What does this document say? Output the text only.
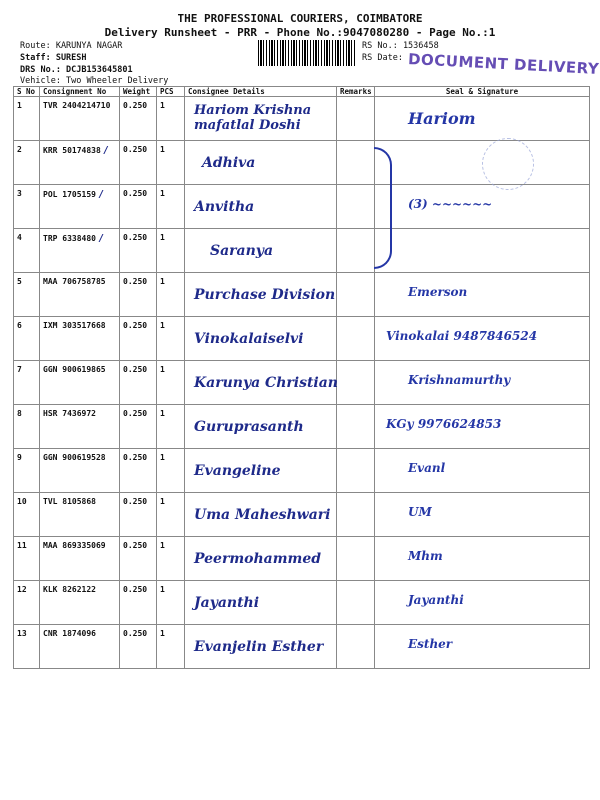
THE PROFESSIONAL COURIERS, COIMBATORE
Delivery Runsheet - PRR - Phone No.:9047080280 - Page No.:1
Route: KARUNYA NAGAR
Staff: SURESH
DRS No.: DCJB153645801
Vehicle: Two Wheeler Delivery
RS No.: 1536458
RS Date: DOCUMENT DELIVERY
S No	Consignment No	Weight	PCS	Consignee Details	Remarks	Seal & Signature
1	TVR 2404214710	0.250	1	Hariom Krishna mafatlal Doshi		Hariom
2	KRR 50174838 /	0.250	1	Adhiva		

3	POL 1705159 /	0.250	1	Anvitha		(3) ~~~~~~
4	TRP 6338480 /	0.250	1	Saranya		

5	MAA 706758785	0.250	1	Purchase Division		Emerson
6	IXM 303517668	0.250	1	Vinokalaiselvi		Vinokalai 9487846524
7	GGN 900619865	0.250	1	Karunya Christian		Krishnamurthy
8	HSR 7436972	0.250	1	Guruprasanth		KGy 9976624853
9	GGN 900619528	0.250	1	Evangeline		Evanl
10	TVL 8105868	0.250	1	Uma Maheshwari		UM
11	MAA 869335069	0.250	1	Peermohammed		Mhm
12	KLK 8262122	0.250	1	Jayanthi		Jayanthi
13	CNR 1874096	0.250	1	Evanjelin Esther		Esther
